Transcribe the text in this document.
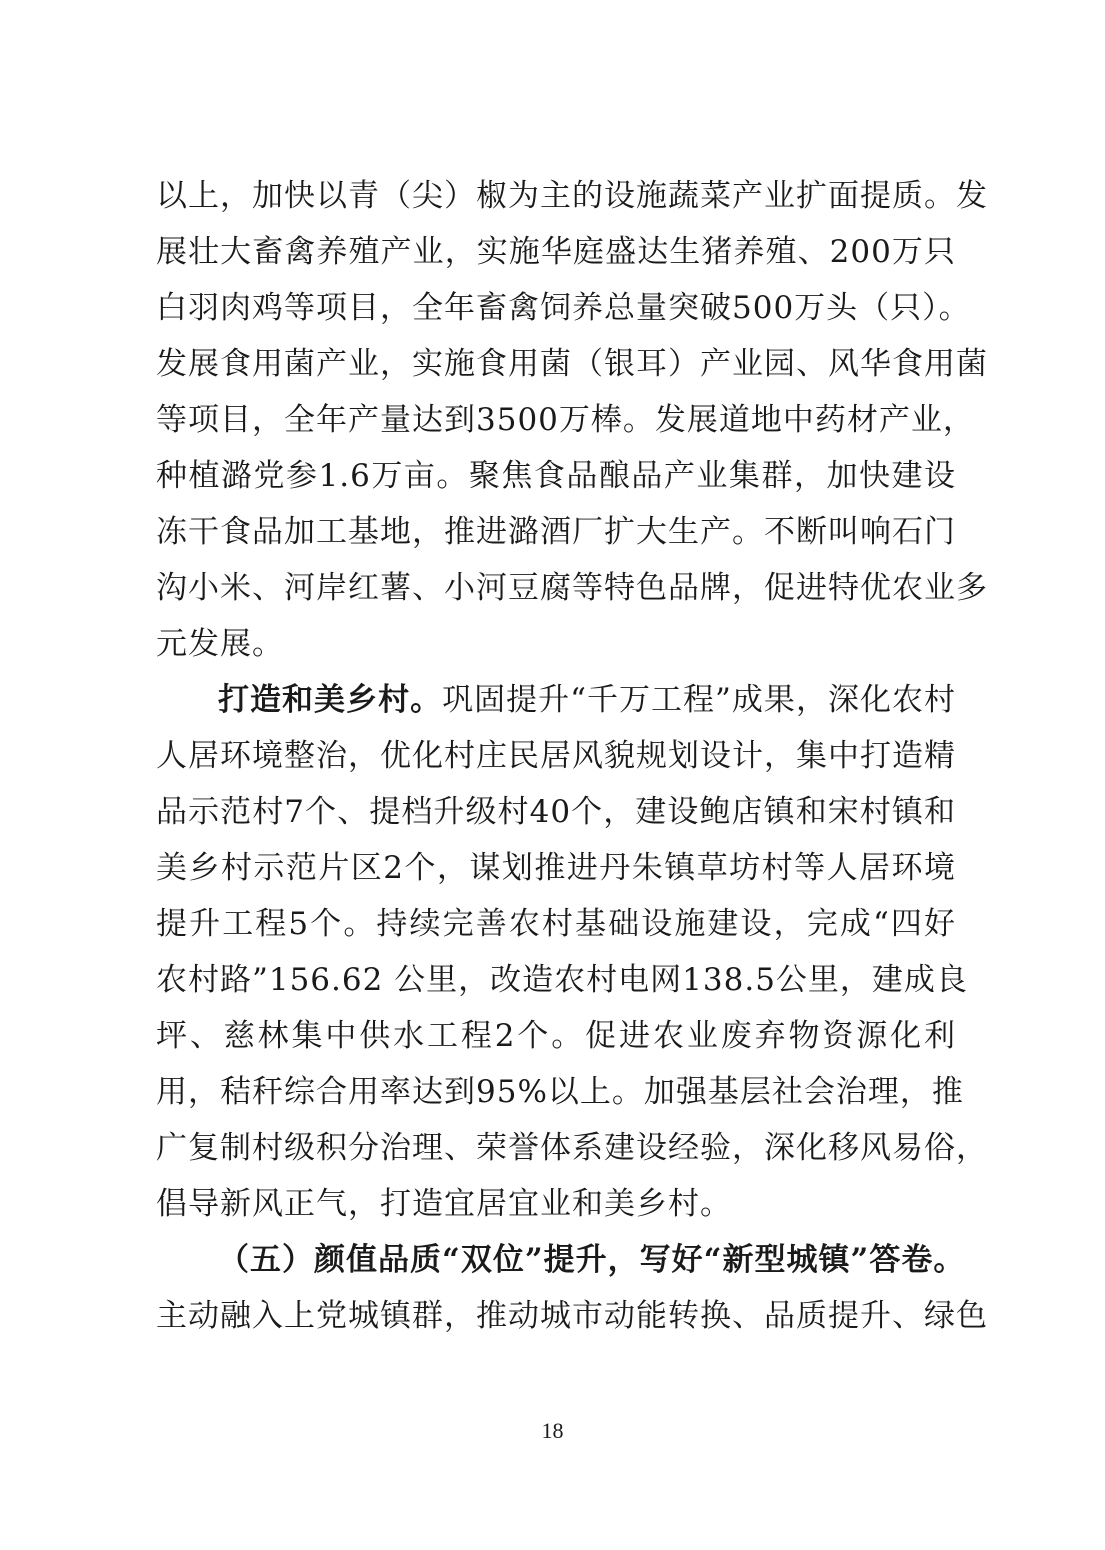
以上，加快以青（尖）椒为主的设施蔬菜产业扩面提质。发
展壮大畜禽养殖产业，实施华庭盛达生猪养殖、200万只
白羽肉鸡等项目，全年畜禽饲养总量突破500万头（只）。
发展食用菌产业，实施食用菌（银耳）产业园、风华食用菌
等项目，全年产量达到3500万棒。发展道地中药材产业，
种植潞党参1.6万亩。聚焦食品酿品产业集群，加快建设
冻干食品加工基地，推进潞酒厂扩大生产。不断叫响石门
沟小米、河岸红薯、小河豆腐等特色品牌，促进特优农业多
元发展。
打造和美乡村。巩固提升“千万工程”成果，深化农村
人居环境整治，优化村庄民居风貌规划设计，集中打造精
品示范村7个、提档升级村40个，建设鲍店镇和宋村镇和
美乡村示范片区2个，谋划推进丹朱镇草坊村等人居环境
提升工程5个。持续完善农村基础设施建设，完成“四好
农村路”156.62 公里，改造农村电网138.5公里，建成良
坪、慈林集中供水工程2个。促进农业废弃物资源化利
用，秸秆综合用率达到95%以上。加强基层社会治理，推
广复制村级积分治理、荣誉体系建设经验，深化移风易俗，
倡导新风正气，打造宜居宜业和美乡村。
（五）颜值品质“双位”提升，写好“新型城镇”答卷。
主动融入上党城镇群，推动城市动能转换、品质提升、绿色
18
